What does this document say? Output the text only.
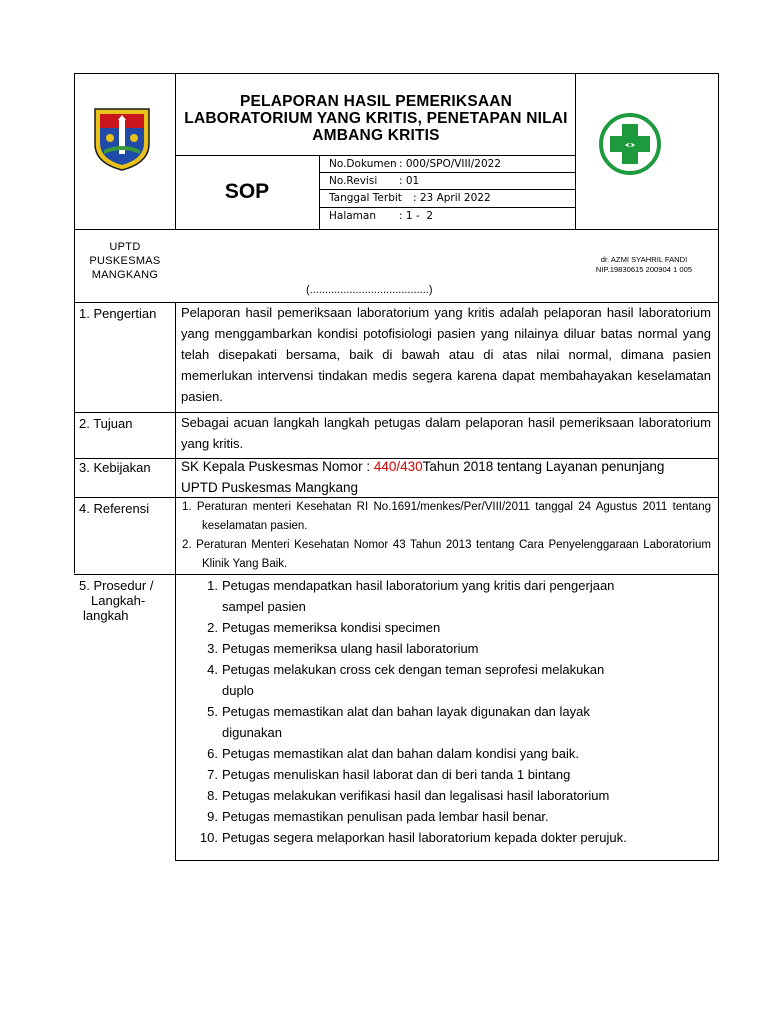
PELAPORAN HASIL PEMERIKSAAN LABORATORIUM YANG KRITIS, PENETAPAN NILAI AMBANG KRITIS
SOP
No.Dokumen : 000/SPO/VIII/2022
No.Revisi : 01
Tanggal Terbit : 23 April 2022
Halaman : 1 -  2
UPTD
PUSKESMAS
MANGKANG
(.......................................)
dr. AZMI SYAHRIL FANDI
NIP.19830615 200904 1 005
1. Pengertian Pelaporan hasil pemeriksaan laboratorium yang kritis adalah pelaporan hasil laboratorium yang menggambarkan kondisi potofisiologi pasien yang nilainya diluar batas normal yang telah disepakati bersama, baik di bawah atau di atas nilai normal, dimana pasien memerlukan intervensi tindakan medis segera karena dapat membahayakan keselamatan pasien.
2. Tujuan	Sebagai acuan langkah langkah petugas dalam pelaporan hasil pemeriksaan laboratorium yang kritis.
3. Kebijakan SK Kepala Puskesmas Nomor : 440/430Tahun 2018 tentang Layanan penunjang UPTD Puskesmas Mangkang
4. Referensi	1. Peraturan menteri Kesehatan RI No.1691/menkes/Per/VIII/2011 tanggal 24 Agustus 2011 tentang keselamatan pasien.
2. Peraturan Menteri Kesehatan Nomor 43 Tahun 2013 tentang Cara Penyelenggaraan Laboratorium Klinik Yang Baik.
5. Prosedur /
Langkah-
langkah
1. Petugas mendapatkan hasil laboratorium yang kritis dari pengerjaan
sampel pasien
2. Petugas memeriksa kondisi specimen
3. Petugas memeriksa ulang hasil laboratorium
4. Petugas melakukan cross cek dengan teman seprofesi melakukan
duplo
5. Petugas memastikan alat dan bahan layak digunakan dan layak
digunakan
6. Petugas memastikan alat dan bahan dalam kondisi yang baik.
7. Petugas menuliskan hasil laborat dan di beri tanda 1 bintang
8. Petugas melakukan verifikasi hasil dan legalisasi hasil laboratorium
9. Petugas memastikan penulisan pada lembar hasil benar.
10. Petugas segera melaporkan hasil laboratorium kepada dokter perujuk.
